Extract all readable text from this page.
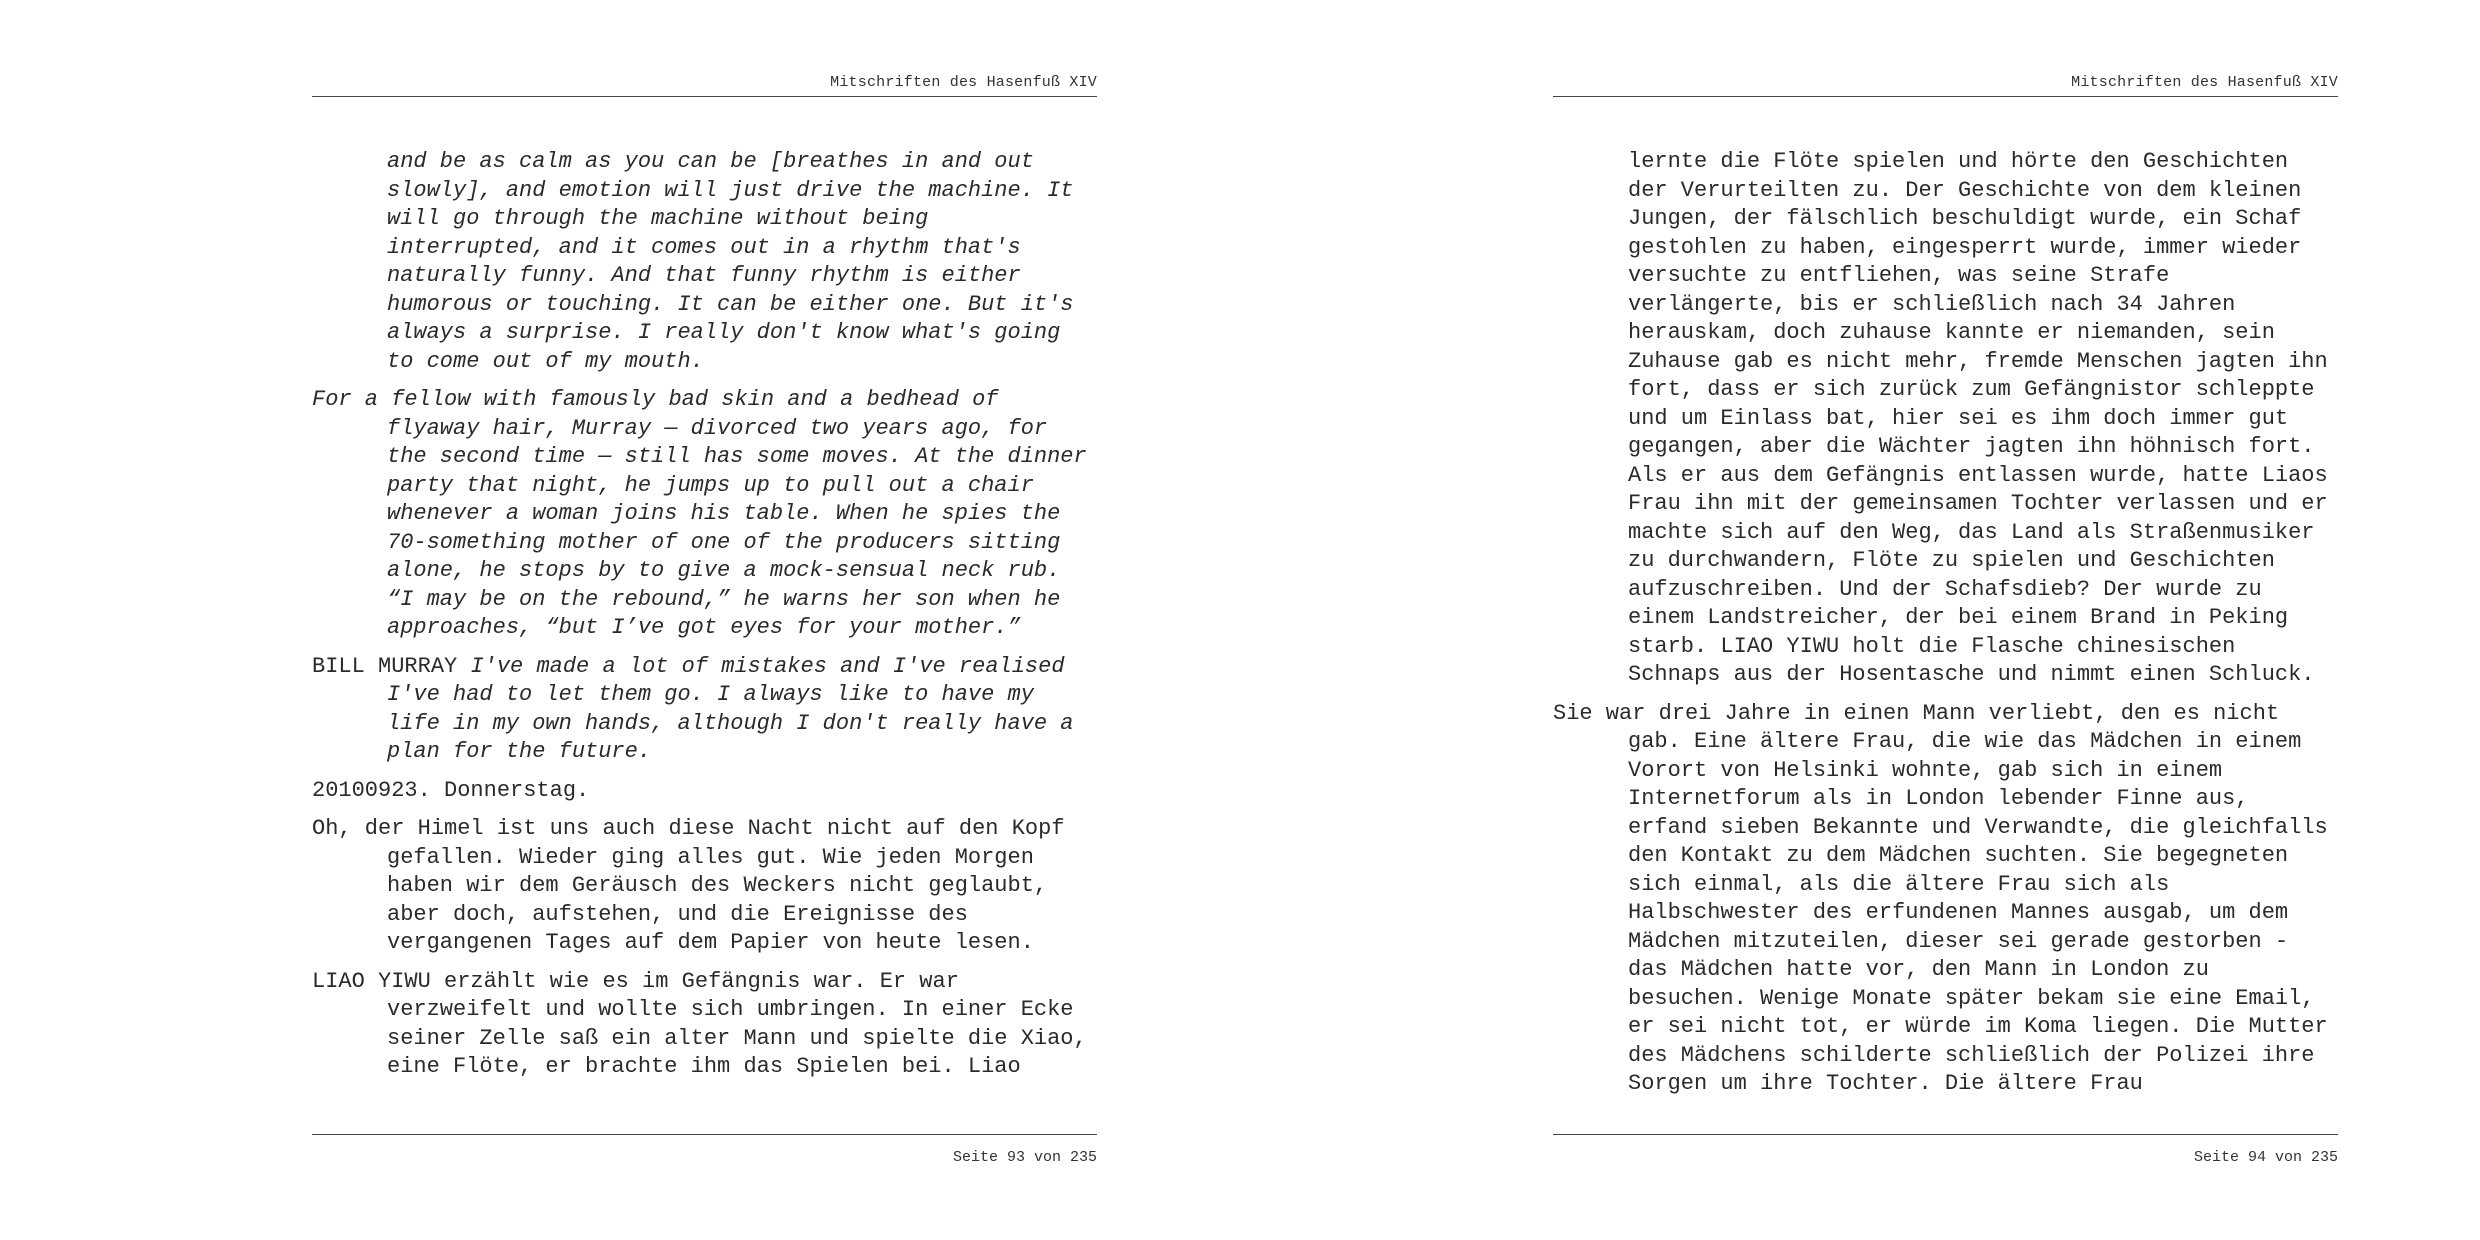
Mitschriften des Hasenfuß XIV

and be as calm as you can be [breathes in and out slowly], and emotion will just drive the machine. It will go through the machine without being interrupted, and it comes out in a rhythm that's naturally funny. And that funny rhythm is either humorous or touching. It can be either one. But it's always a surprise. I really don't know what's going to come out of my mouth.

For a fellow with famously bad skin and a bedhead of flyaway hair, Murray — divorced two years ago, for the second time — still has some moves. At the dinner party that night, he jumps up to pull out a chair whenever a woman joins his table. When he spies the 70-something mother of one of the producers sitting alone, he stops by to give a mock-sensual neck rub. “I may be on the rebound,” he warns her son when he approaches, “but I’ve got eyes for your mother.”

BILL MURRAY I've made a lot of mistakes and I've realised I've had to let them go. I always like to have my life in my own hands, although I don't really have a plan for the future.

20100923. Donnerstag.

Oh, der Himel ist uns auch diese Nacht nicht auf den Kopf gefallen. Wieder ging alles gut. Wie jeden Morgen haben wir dem Geräusch des Weckers nicht geglaubt, aber doch, aufstehen, und die Ereignisse des vergangenen Tages auf dem Papier von heute lesen.

LIAO YIWU erzählt wie es im Gefängnis war. Er war verzweifelt und wollte sich umbringen. In einer Ecke seiner Zelle saß ein alter Mann und spielte die Xiao, eine Flöte, er brachte ihm das Spielen bei. Liao

Seite 93 von 235
Mitschriften des Hasenfuß XIV

lernte die Flöte spielen und hörte den Geschichten der Verurteilten zu. Der Geschichte von dem kleinen Jungen, der fälschlich beschuldigt wurde, ein Schaf gestohlen zu haben, eingesperrt wurde, immer wieder versuchte zu entfliehen, was seine Strafe verlängerte, bis er schließlich nach 34 Jahren herauskam, doch zuhause kannte er niemanden, sein Zuhause gab es nicht mehr, fremde Menschen jagten ihn fort, dass er sich zurück zum Gefängnistor schleppte und um Einlass bat, hier sei es ihm doch immer gut gegangen, aber die Wächter jagten ihn höhnisch fort. Als er aus dem Gefängnis entlassen wurde, hatte Liaos Frau ihn mit der gemeinsamen Tochter verlassen und er machte sich auf den Weg, das Land als Straßenmusiker zu durchwandern, Flöte zu spielen und Geschichten aufzuschreiben. Und der Schafsdieb? Der wurde zu einem Landstreicher, der bei einem Brand in Peking starb. LIAO YIWU holt die Flasche chinesischen Schnaps aus der Hosentasche und nimmt einen Schluck.

Sie war drei Jahre in einen Mann verliebt, den es nicht gab. Eine ältere Frau, die wie das Mädchen in einem Vorort von Helsinki wohnte, gab sich in einem Internetforum als in London lebender Finne aus, erfand sieben Bekannte und Verwandte, die gleichfalls den Kontakt zu dem Mädchen suchten. Sie begegneten sich einmal, als die ältere Frau sich als Halbschwester des erfundenen Mannes ausgab, um dem Mädchen mitzuteilen, dieser sei gerade gestorben - das Mädchen hatte vor, den Mann in London zu besuchen. Wenige Monate später bekam sie eine Email, er sei nicht tot, er würde im Koma liegen. Die Mutter des Mädchens schilderte schließlich der Polizei ihre Sorgen um ihre Tochter. Die ältere Frau

Seite 94 von 235
